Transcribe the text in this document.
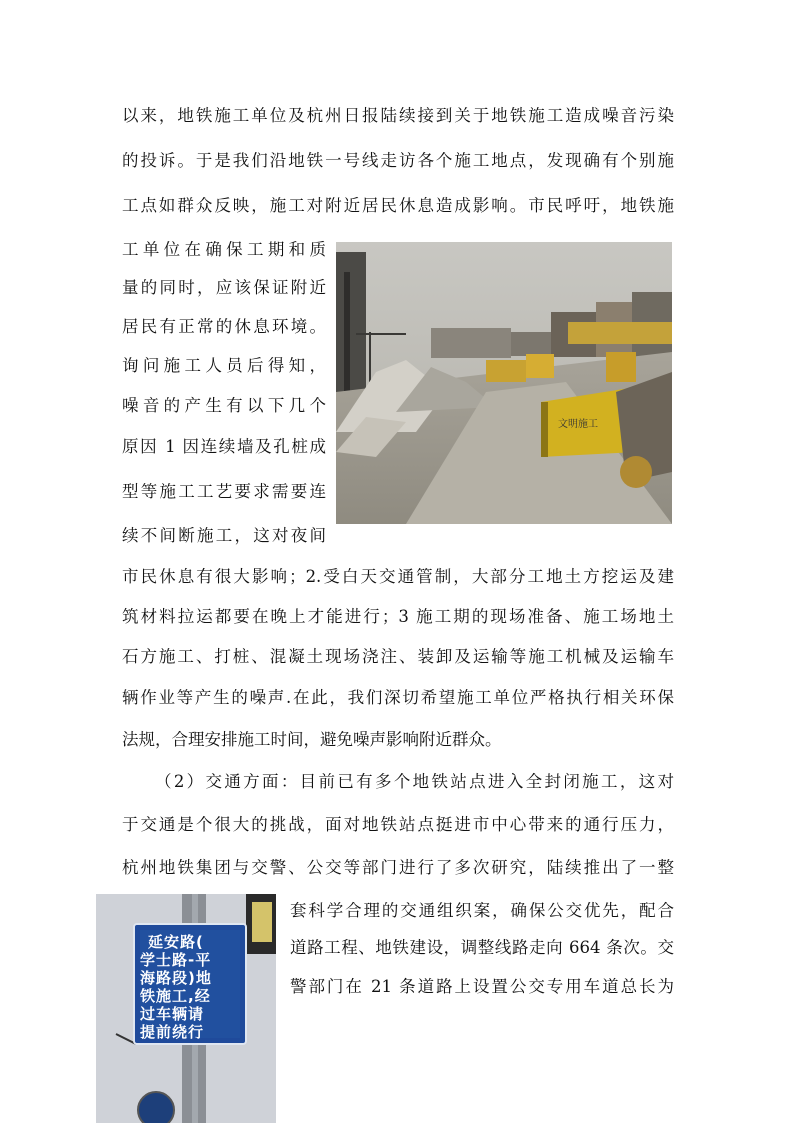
以来，地铁施工单位及杭州日报陆续接到关于地铁施工造成噪音污染
的投诉。于是我们沿地铁一号线走访各个施工地点，发现确有个别施
工点如群众反映，施工对附近居民休息造成影响。市民呼吁，地铁施
工单位在确保工期和质
量的同时，应该保证附近
居民有正常的休息环境。
询问施工人员后得知，
噪音的产生有以下几个
原因 1 因连续墙及孔桩成
型等施工工艺要求需要连
续不间断施工，这对夜间
市民休息有很大影响；2.受白天交通管制，大部分工地土方挖运及建
筑材料拉运都要在晚上才能进行；3 施工期的现场准备、施工场地土
石方施工、打桩、混凝土现场浇注、装卸及运输等施工机械及运输车
辆作业等产生的噪声.在此，我们深切希望施工单位严格执行相关环保
法规，合理安排施工时间，避免噪声影响附近群众。
（2）交通方面：目前已有多个地铁站点进入全封闭施工，这对
于交通是个很大的挑战，面对地铁站点挺进市中心带来的通行压力，
杭州地铁集团与交警、公交等部门进行了多次研究，陆续推出了一整
套科学合理的交通组织案，确保公交优先，配合
道路工程、地铁建设，调整线路走向 664 条次。交
警部门在 21 条道路上设置公交专用车道总长为
文明施工
延安路(
学士路-平
海路段)地
铁施工,经
过车辆请
提前绕行
